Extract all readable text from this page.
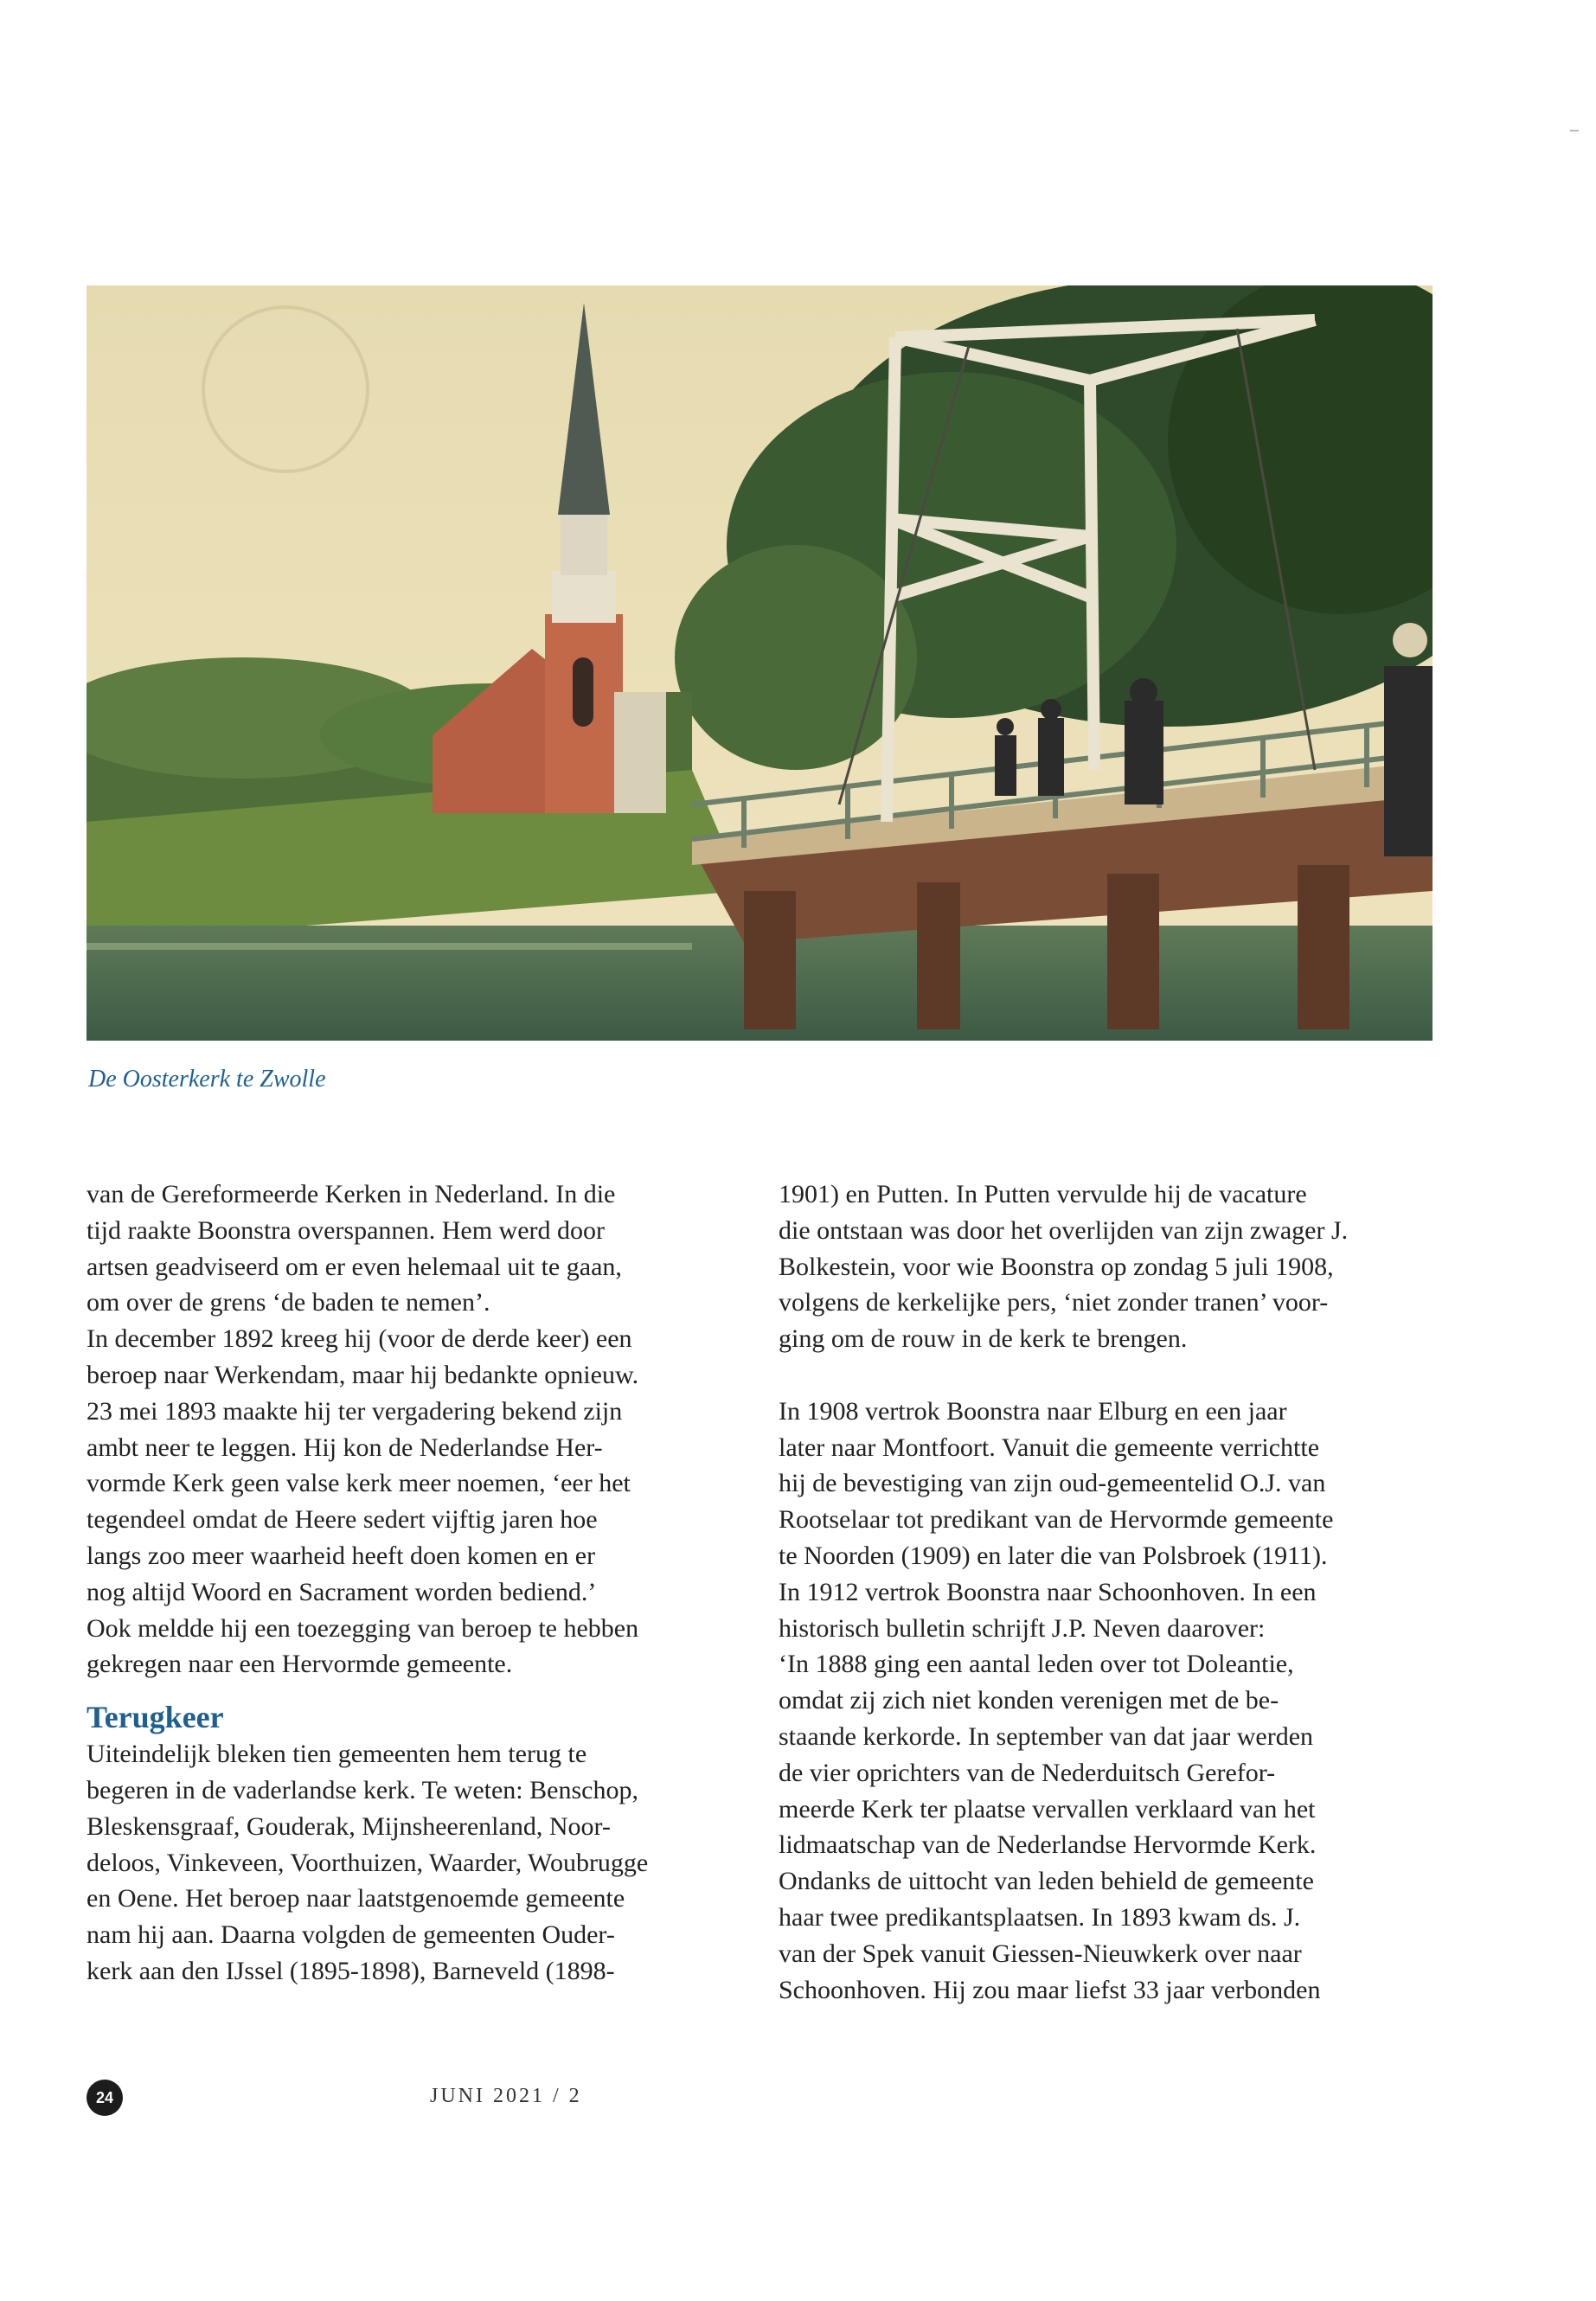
De Oosterkerk te Zwolle
van de Gereformeerde Kerken in Nederland. In die
tijd raakte Boonstra overspannen. Hem werd door
artsen geadviseerd om er even helemaal uit te gaan,
om over de grens ‘de baden te nemen’.
In december 1892 kreeg hij (voor de derde keer) een
beroep naar Werkendam, maar hij bedankte opnieuw.
23 mei 1893 maakte hij ter vergadering bekend zijn
ambt neer te leggen. Hij kon de Nederlandse Her-
vormde Kerk geen valse kerk meer noemen, ‘eer het
tegendeel omdat de Heere sedert vijftig jaren hoe
langs zoo meer waarheid heeft doen komen en er
nog altijd Woord en Sacrament worden bediend.’
Ook meldde hij een toezegging van beroep te hebben
gekregen naar een Hervormde gemeente.
Terugkeer
Uiteindelijk bleken tien gemeenten hem terug te
begeren in de vaderlandse kerk. Te weten: Benschop,
Bleskensgraaf, Gouderak, Mijnsheerenland, Noor-
deloos, Vinkeveen, Voorthuizen, Waarder, Woubrugge
en Oene. Het beroep naar laatstgenoemde gemeente
nam hij aan. Daarna volgden de gemeenten Ouder-
kerk aan den IJssel (1895-1898), Barneveld (1898-
1901) en Putten. In Putten vervulde hij de vacature
die ontstaan was door het overlijden van zijn zwager J.
Bolkestein, voor wie Boonstra op zondag 5 juli 1908,
volgens de kerkelijke pers, ‘niet zonder tranen’ voor-
ging om de rouw in de kerk te brengen.
In 1908 vertrok Boonstra naar Elburg en een jaar
later naar Montfoort. Vanuit die gemeente verrichtte
hij de bevestiging van zijn oud-gemeentelid O.J. van
Rootselaar tot predikant van de Hervormde gemeente
te Noorden (1909) en later die van Polsbroek (1911).
In 1912 vertrok Boonstra naar Schoonhoven. In een
historisch bulletin schrijft J.P. Neven daarover:
‘In 1888 ging een aantal leden over tot Doleantie,
omdat zij zich niet konden verenigen met de be-
staande kerkorde. In september van dat jaar werden
de vier oprichters van de Nederduitsch Gerefor-
meerde Kerk ter plaatse vervallen verklaard van het
lidmaatschap van de Nederlandse Hervormde Kerk.
Ondanks de uittocht van leden behield de gemeente
haar twee predikantsplaatsen. In 1893 kwam ds. J.
van der Spek vanuit Giessen-Nieuwkerk over naar
Schoonhoven. Hij zou maar liefst 33 jaar verbonden
24	JUNI 2021 / 2
